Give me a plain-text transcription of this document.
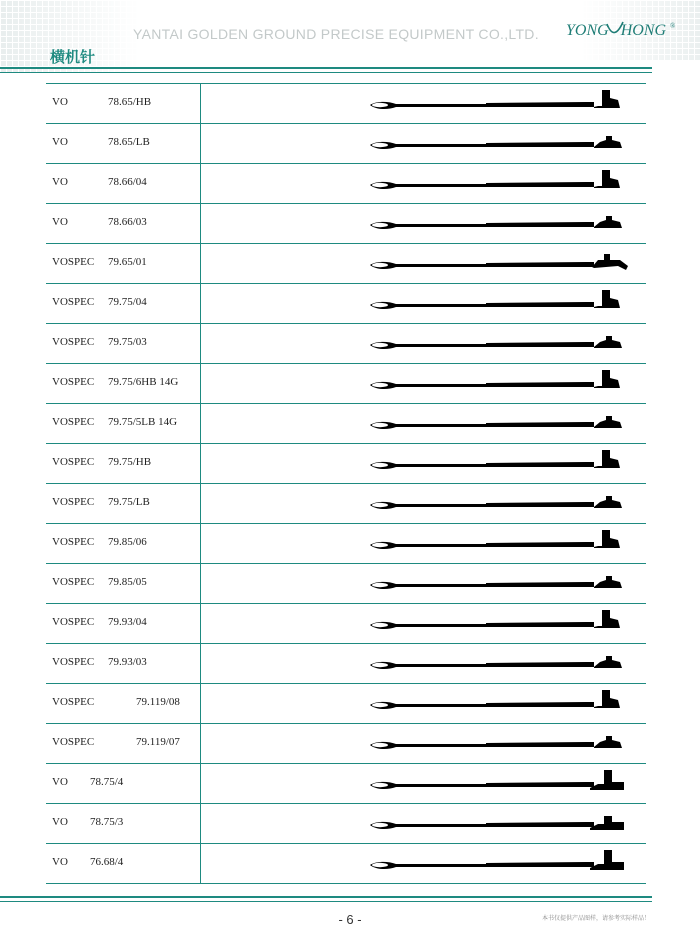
YANTAI GOLDEN GROUND PRECISE EQUIPMENT CO.,LTD. YONG HONG ®
横机针
VO	78.65/HB
VO	78.65/LB
VO	78.66/04
VO	78.66/03
VOSPEC 79.65/01
VOSPEC 79.75/04
VOSPEC 79.75/03
VOSPEC 79.75/6HB 14G
VOSPEC 79.75/5LB 14G
VOSPEC 79.75/HB
VOSPEC 79.75/LB
VOSPEC 79.85/06
VOSPEC 79.85/05
VOSPEC 79.93/04
VOSPEC 79.93/03
VOSPEC	79.119/08
VOSPEC	79.119/07
VO 78.75/4
VO 78.75/3
VO 76.68/4
- 6 -	本书仅提供产品图样，请参考实际样品！
